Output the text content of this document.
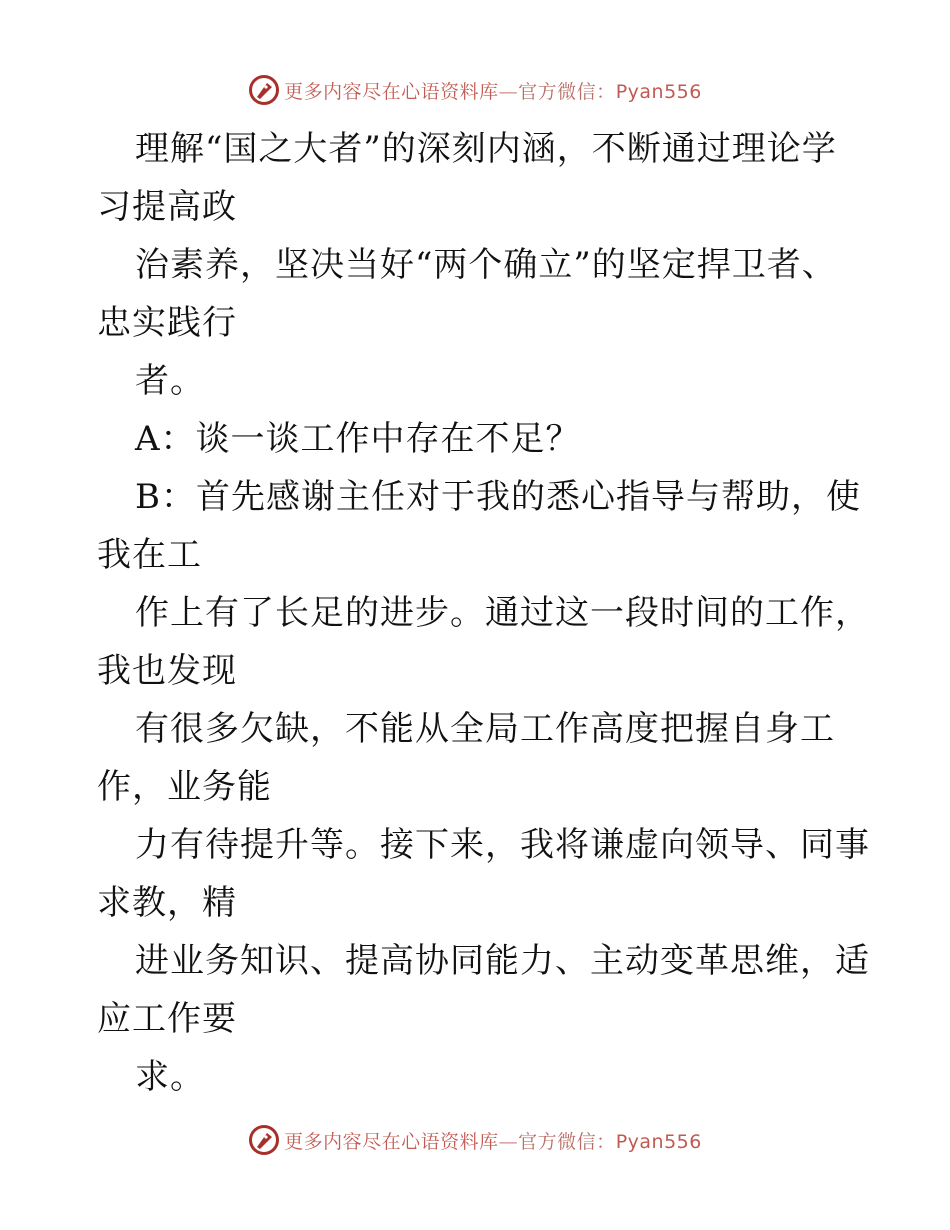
更多内容尽在心语资料库—官方微信：Pyan556
理解“国之大者”的深刻内涵，不断通过理论学
习提高政
治素养，坚决当好“两个确立”的坚定捍卫者、
忠实践行
者。
A：谈一谈工作中存在不足？
B：首先感谢主任对于我的悉心指导与帮助，使
我在工
作上有了长足的进步。通过这一段时间的工作，
我也发现
有很多欠缺，不能从全局工作高度把握自身工
作，业务能
力有待提升等。接下来，我将谦虚向领导、同事
求教，精
进业务知识、提高协同能力、主动变革思维，适
应工作要
求。
更多内容尽在心语资料库—官方微信：Pyan556
